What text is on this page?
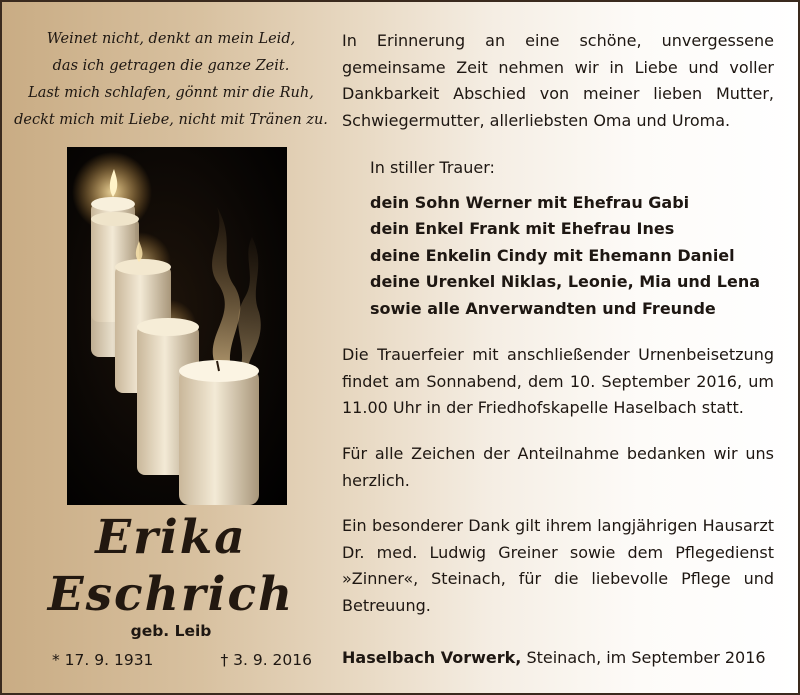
Weinet nicht, denkt an mein Leid,
das ich getragen die ganze Zeit.
Last mich schlafen, gönnt mir die Ruh,
deckt mich mit Liebe, nicht mit Tränen zu.
Erika
Eschrich
geb. Leib
* 17. 9. 1931	† 3. 9. 2016

In Erinnerung an eine schöne, unvergessene gemeinsame Zeit nehmen wir in Liebe und voller Dankbarkeit Abschied von meiner lieben Mutter, Schwiegermutter, allerliebsten Oma und Uroma.

In stiller Trauer:
dein Sohn Werner mit Ehefrau Gabi
dein Enkel Frank mit Ehefrau Ines
deine Enkelin Cindy mit Ehemann Daniel
deine Urenkel Niklas, Leonie, Mia und Lena
sowie alle Anverwandten und Freunde

Die Trauerfeier mit anschließender Urnenbeisetzung findet am Sonnabend, dem 10. September 2016, um 11.00 Uhr in der Friedhofskapelle Haselbach statt.

Für alle Zeichen der Anteilnahme bedanken wir uns herzlich.

Ein besonderer Dank gilt ihrem langjährigen Hausarzt Dr. med. Ludwig Greiner sowie dem Pflegedienst »Zinner«, Steinach, für die liebevolle Pflege und Betreuung.

Haselbach Vorwerk, Steinach, im September 2016
